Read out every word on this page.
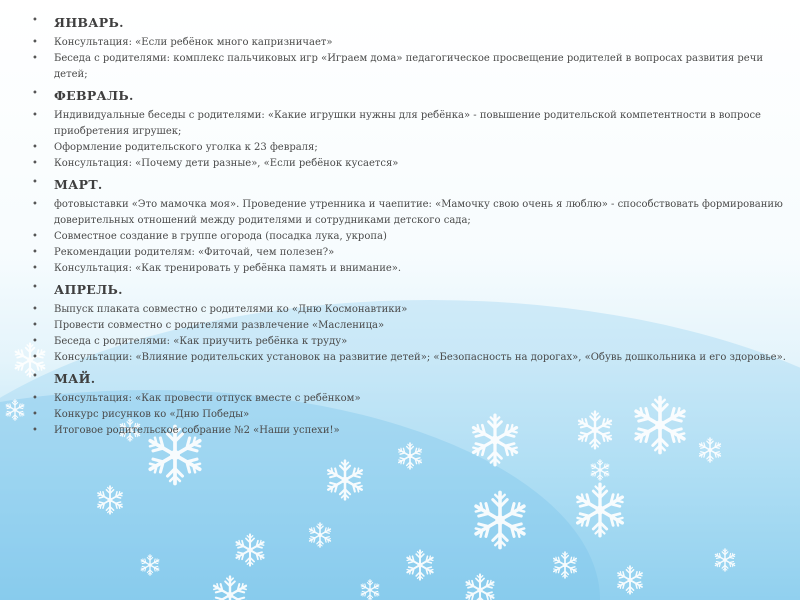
•	ЯНВАРЬ.
•	Консультация: «Если ребёнок много капризничает»
•	Беседа с родителями: комплекс пальчиковых игр «Играем дома» педагогическое просвещение родителей в вопросах развития речи детей;
•	ФЕВРАЛЬ.
•	Индивидуальные беседы с родителями: «Какие игрушки нужны для ребёнка» - повышение родительской компетентности в вопросе приобретения игрушек;
•	Оформление родительского уголка к 23 февраля;
•	Консультация: «Почему дети разные», «Если ребёнок кусается»
•	МАРТ.
•	фотовыставки «Это мамочка моя». Проведение утренника и чаепитие: «Мамочку свою очень я люблю» - способствовать формированию доверительных отношений между родителями и сотрудниками детского сада;
•	Совместное создание в группе огорода (посадка лука, укропа)
•	Рекомендации родителям: «Фиточай, чем полезен?»
•	Консультация: «Как тренировать у ребёнка память и внимание».
•	АПРЕЛЬ.
•	Выпуск плаката совместно с родителями ко «Дню Космонавтики»
•	Провести совместно с родителями развлечение «Масленица»
•	Беседа с родителями: «Как приучить ребёнка к труду»
•	Консультации: «Влияние родительских установок на развитие детей»; «Безопасность на дорогах», «Обувь дошкольника и его здоровье».
•	МАЙ.
•	Консультация: «Как провести отпуск вместе с ребёнком»
•	Конкурс рисунков ко «Дню Победы»
•	Итоговое родительское собрание №2 «Наши успехи!»
